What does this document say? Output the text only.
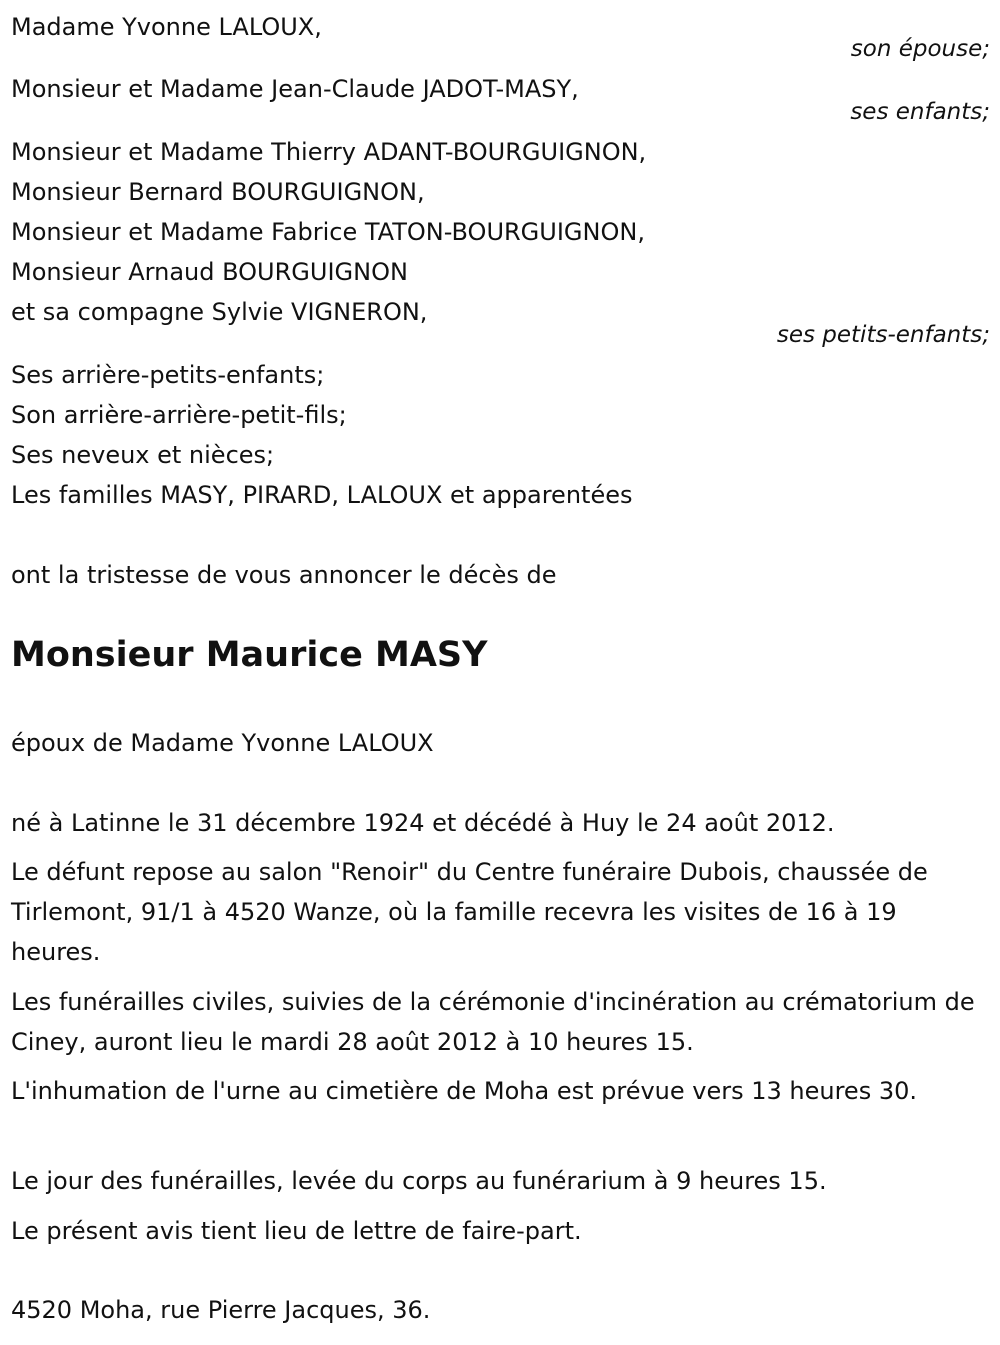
Madame Yvonne LALOUX,
son épouse;
Monsieur et Madame Jean-Claude JADOT-MASY,
ses enfants;
Monsieur et Madame Thierry ADANT-BOURGUIGNON,
Monsieur Bernard BOURGUIGNON,
Monsieur et Madame Fabrice TATON-BOURGUIGNON,
Monsieur Arnaud BOURGUIGNON
et sa compagne Sylvie VIGNERON,
ses petits-enfants;
Ses arrière-petits-enfants;
Son arrière-arrière-petit-fils;
Ses neveux et nièces;
Les familles MASY, PIRARD, LALOUX et apparentées
ont la tristesse de vous annoncer le décès de
Monsieur Maurice MASY
époux de Madame Yvonne LALOUX
né à Latinne le 31 décembre 1924 et décédé à Huy le 24 août 2012.
Le défunt repose au salon "Renoir" du Centre funéraire Dubois, chaussée de Tirlemont, 91/1 à 4520 Wanze, où la famille recevra les visites de 16 à 19 heures.
Les funérailles civiles, suivies de la cérémonie d'incinération au crématorium de Ciney, auront lieu le mardi 28 août 2012 à 10 heures 15.
L'inhumation de l'urne au cimetière de Moha est prévue vers 13 heures 30.
Le jour des funérailles, levée du corps au funérarium à 9 heures 15.
Le présent avis tient lieu de lettre de faire-part.
4520 Moha, rue Pierre Jacques, 36.
